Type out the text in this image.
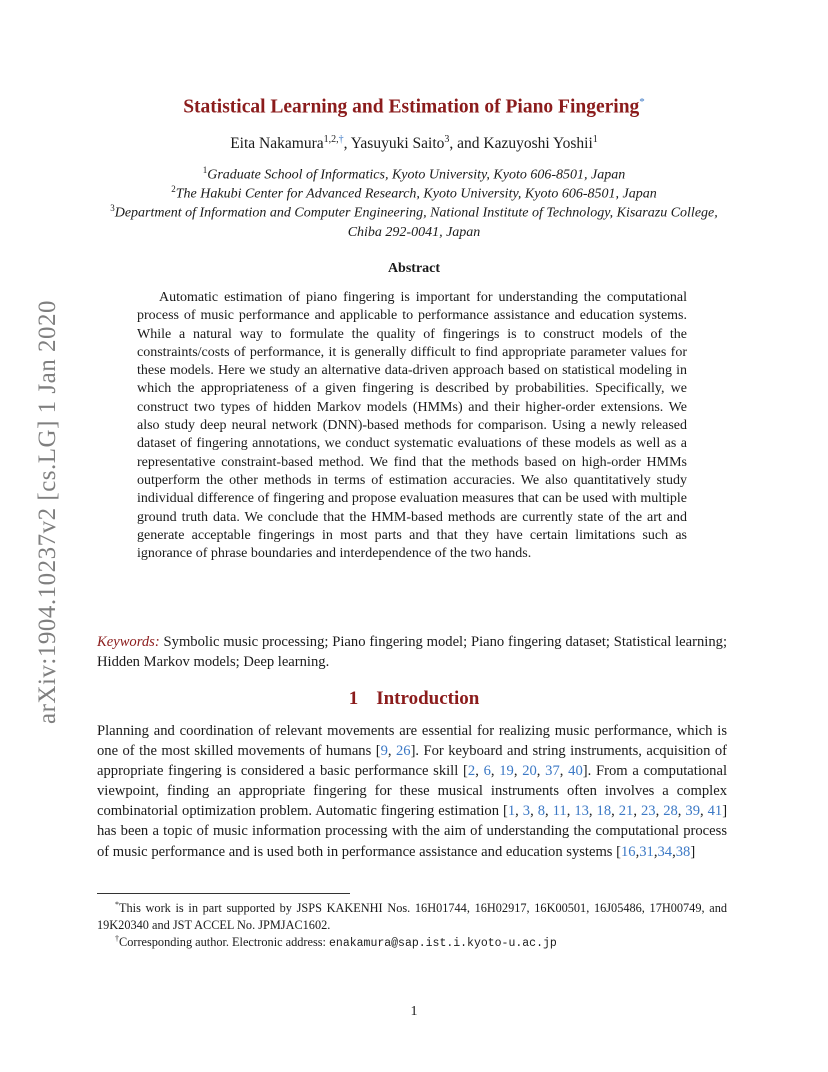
arXiv:1904.10237v2 [cs.LG] 1 Jan 2020
Statistical Learning and Estimation of Piano Fingering*
Eita Nakamura$^{1,2,\dagger}$, Yasuyuki Saito$^3$, and Kazuyoshi Yoshii$^1$
$^1$Graduate School of Informatics, Kyoto University, Kyoto 606-8501, Japan
$^2$The Hakubi Center for Advanced Research, Kyoto University, Kyoto 606-8501, Japan
$^3$Department of Information and Computer Engineering, National Institute of Technology, Kisarazu College, Chiba 292-0041, Japan
Abstract
Automatic estimation of piano fingering is important for understanding the computational process of music performance and applicable to performance assistance and education systems. While a natural way to formulate the quality of fingerings is to construct models of the constraints/costs of performance, it is generally difficult to find appropriate parameter values for these models. Here we study an alternative data-driven approach based on statistical modeling in which the appropriateness of a given fingering is described by probabilities. Specifically, we construct two types of hidden Markov models (HMMs) and their higher-order extensions. We also study deep neural network (DNN)-based methods for comparison. Using a newly released dataset of fingering annotations, we conduct systematic evaluations of these models as well as a representative constraint-based method. We find that the methods based on high-order HMMs outperform the other methods in terms of estimation accuracies. We also quantitatively study individual difference of fingering and propose evaluation measures that can be used with multiple ground truth data. We conclude that the HMM-based methods are currently state of the art and generate acceptable fingerings in most parts and that they have certain limitations such as ignorance of phrase boundaries and interdependence of the two hands.
Keywords: Symbolic music processing; Piano fingering model; Piano fingering dataset; Statistical learning; Hidden Markov models; Deep learning.
1 Introduction
Planning and coordination of relevant movements are essential for realizing music performance, which is one of the most skilled movements of humans [9, 26]. For keyboard and string instruments, acquisition of appropriate fingering is considered a basic performance skill [2, 6, 19, 20, 37, 40]. From a computational viewpoint, finding an appropriate fingering for these musical instruments often involves a complex combinatorial optimization problem. Automatic fingering estimation [1, 3, 8, 11, 13, 18, 21, 23, 28, 39, 41] has been a topic of music information processing with the aim of understanding the computational process of music performance and is used both in performance assistance and education systems [16,31,34,38]
*This work is in part supported by JSPS KAKENHI Nos. 16H01744, 16H02917, 16K00501, 16J05486, 17H00749, and 19K20340 and JST ACCEL No. JPMJAC1602.
†Corresponding author. Electronic address: enakamura@sap.ist.i.kyoto-u.ac.jp
1
